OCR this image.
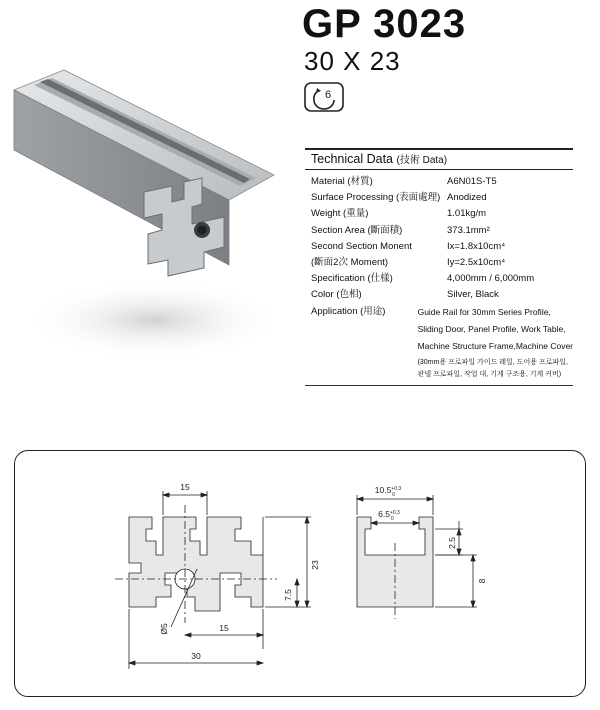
GP 3023
30 X 23
6
Technical Data (技術 Data)
Material (材質)	A6N01S-T5
Surface Processing (表面處理) Anodized
Weight (重量)	1.01kg/m
Section Area (斷面積)	373.1mm²
Second Section Monent	Ix=1.8x10cm⁴
(斷面2次 Moment)	Iy=2.5x10cm⁴
Specification (仕樣)	4,000mm / 6,000mm
Color (色相)	Silver, Black
Application (用途)	Guide Rail for 30mm Series Profile,
Sliding Door, Panel Profile, Work Table,
Machine Structure Frame,Machine Cover
(30mm용 프로파일 가이드 레일, 도어용 프로파일,
판넬 프로파일, 작업 대, 기계 구조용, 기계 커버)
15
23
7.5
Ø5	15
30
$10.5^{+0.3}$ 0
$6.5^{+0.3}$ 0
2.5
8
